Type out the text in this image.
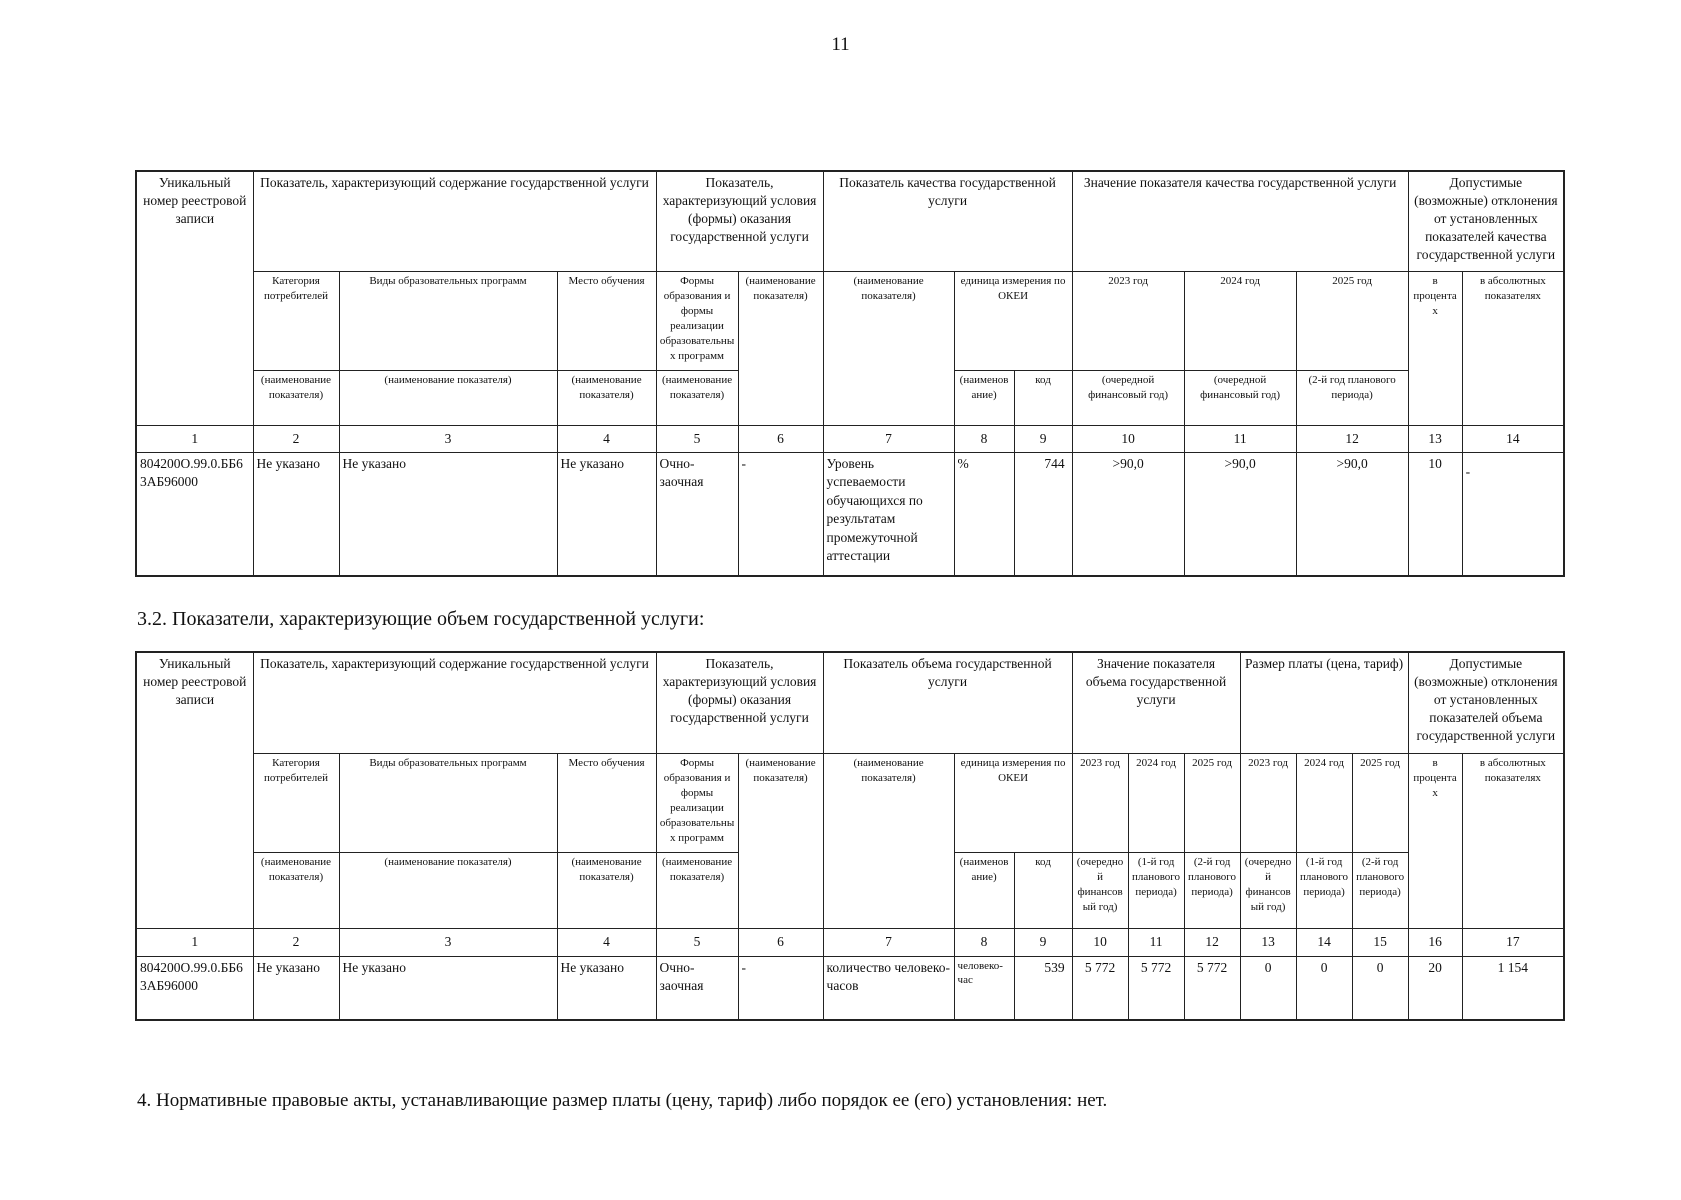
11
Уникальный номер реестровой записи	Показатель, характеризующий содержание государственной услуги			Показатель, характеризующий условия (формы) оказания государственной услуги		Показатель качества государственной услуги			Значение показателя качества государственной услуги			Допустимые (возможные) отклонения от установленных показателей качества государственной услуги	
	Категория потребителей	Виды образовательных программ	Место обучения	Формы образования и формы реализации образовательных программ	(наименование показателя)	(наименование показателя)	единица измерения по ОКЕИ		2023 год	2024 год	2025 год	в процентах	в абсолютных показателях
	(наименование показателя)	(наименование показателя)	(наименование показателя)	(наименование показателя)			(наименование)	код	(очередной финансовый год)	(очередной финансовый год)	(2-й год планового периода)		
1	2	3	4	5	6	7	8	9	10	11	12	13	14
804200О.99.0.ББ63АБ96000	Не указано	Не указано	Не указано	Очно-заочная	-	Уровень успеваемости обучающихся по результатам промежуточной аттестации	%	744	>90,0	>90,0	>90,0	10	-
3.2. Показатели, характеризующие объем государственной услуги:
Уникальный номер реестровой записи	Показатель, характеризующий содержание государственной услуги			Показатель, характеризующий условия (формы) оказания государственной услуги		Показатель объема государственной услуги			Значение показателя объема государственной услуги			Размер платы (цена, тариф)			Допустимые (возможные) отклонения от установленных показателей объема государственной услуги	
	Категория потребителей	Виды образовательных программ	Место обучения	Формы образования и формы реализации образовательных программ	(наименование показателя)	(наименование показателя)	единица измерения по ОКЕИ		2023 год	2024 год	2025 год	2023 год	2024 год	2025 год	в процентах	в абсолютных показателях
	(наименование показателя)	(наименование показателя)	(наименование показателя)	(наименование показателя)			(наименование)	код	(очередной финансовый год)	(1-й год планового периода)	(2-й год планового периода)	(очередной финансовый год)	(1-й год планового периода)	(2-й год планового периода)		
1	2	3	4	5	6	7	8	9	10	11	12	13	14	15	16	17
804200О.99.0.ББ63АБ96000	Не указано	Не указано	Не указано	Очно-заочная	-	количество человеко-часов	человеко-час	539	5 772	5 772	5 772	0	0	0	20	1 154
4. Нормативные правовые акты, устанавливающие размер платы (цену, тариф) либо порядок ее (его) установления: нет.
